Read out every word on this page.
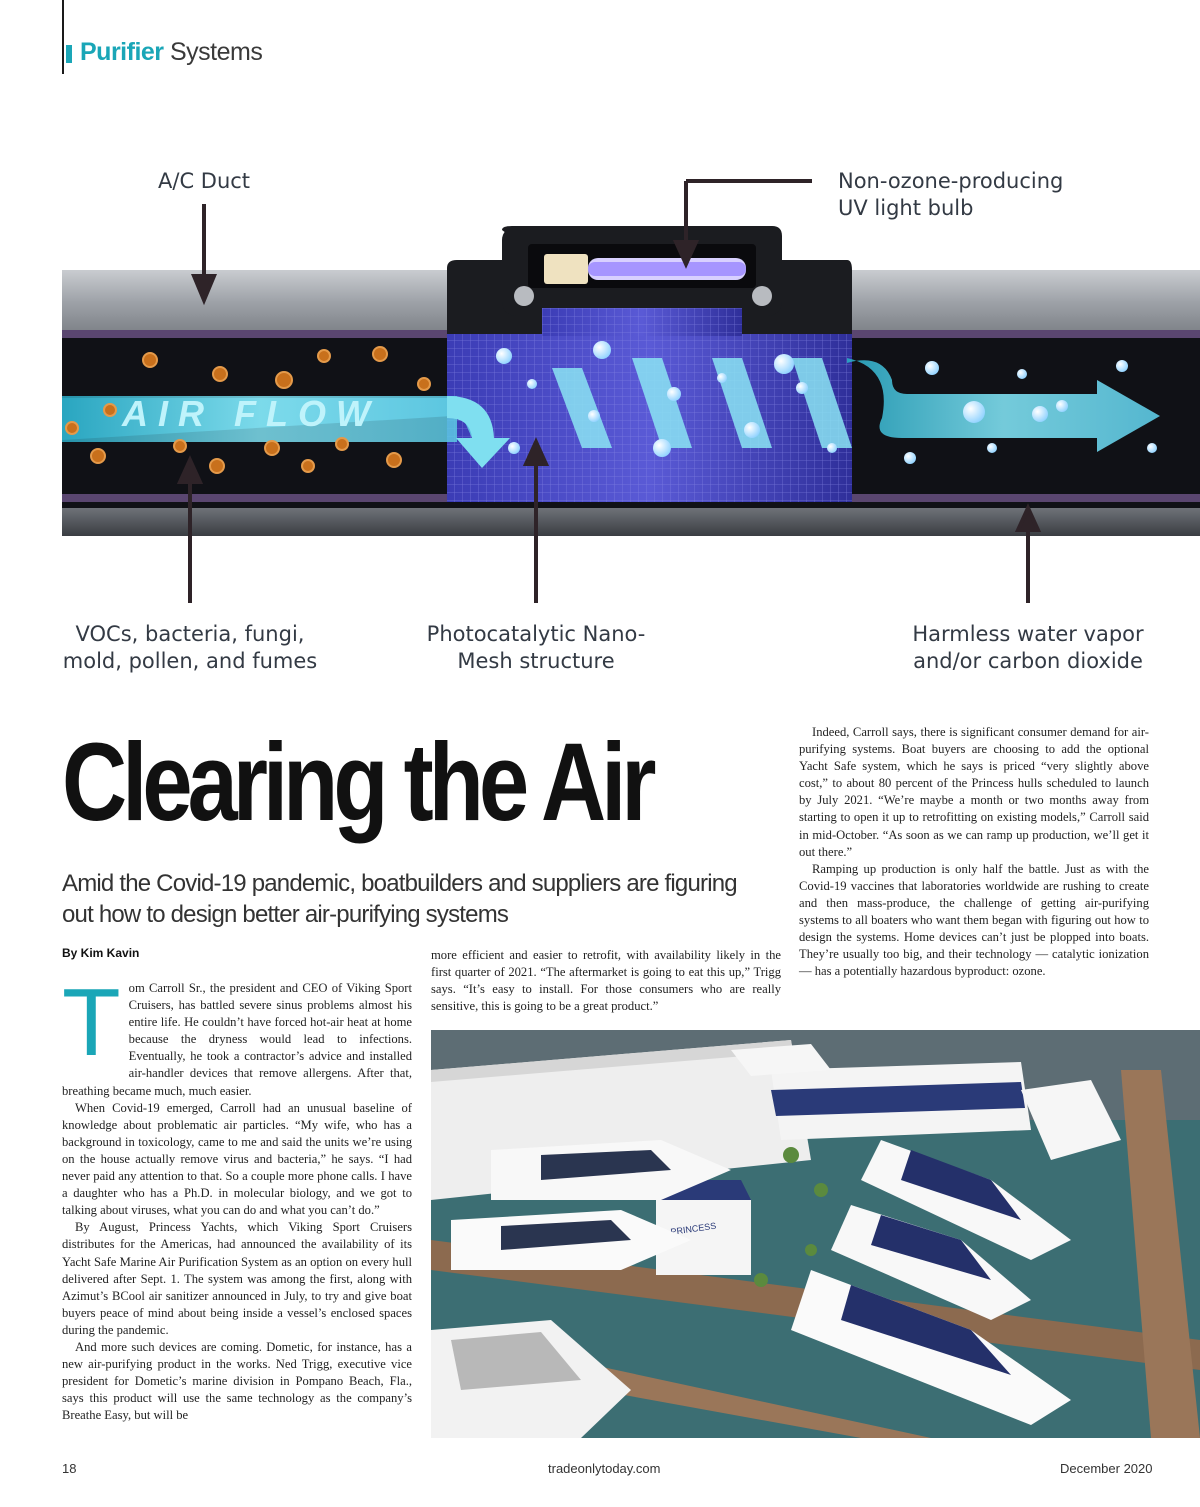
Purifier Systems
AIR FLOW
A/C Duct	Non-ozone-producing
UV light bulb
VOCs, bacteria, fungi,
mold, pollen, and fumes
Photocatalytic Nano-
Mesh structure
Harmless water vapor
and/or carbon dioxide
Clearing the Air
Amid the Covid-19 pandemic, boatbuilders and suppliers are figuring out how to design better air-purifying systems
By Kim Kavin

Tom Carroll Sr., the president and CEO of Viking Sport Cruisers, has battled severe sinus problems almost his entire life. He couldn’t have forced hot-air heat at home because the dryness would lead to infections. Eventually, he took a contractor’s advice and installed air-handler devices that remove allergens. After that, breathing became much, much easier.

When Covid-19 emerged, Carroll had an unusual baseline of knowledge about problematic air particles. “My wife, who has a background in toxicology, came to me and said the units we’re using on the house actually remove virus and bacteria,” he says. “I had never paid any attention to that. So a couple more phone calls. I have a daughter who has a Ph.D. in molecular biology, and we got to talking about viruses, what you can do and what you can’t do.”

By August, Princess Yachts, which Viking Sport Cruisers distributes for the Americas, had announced the availability of its Yacht Safe Marine Air Purification System as an option on every hull delivered after Sept. 1. The system was among the first, along with Azimut’s BCool air sanitizer announced in July, to try and give boat buyers peace of mind about being inside a vessel’s enclosed spaces during the pandemic.

And more such devices are coming. Dometic, for instance, has a new air-purifying product in the works. Ned Trigg, executive vice president for Dometic’s marine division in Pompano Beach, Fla., says this product will use the same technology as the company’s Breathe Easy, but will be

more efficient and easier to retrofit, with availability likely in the first quarter of 2021. “The aftermarket is going to eat this up,” Trigg says. “It’s easy to install. For those consumers who are really sensitive, this is going to be a great product.”

Indeed, Carroll says, there is significant consumer demand for air-purifying systems. Boat buyers are choosing to add the optional Yacht Safe system, which he says is priced “very slightly above cost,” to about 80 percent of the Princess hulls scheduled to launch by July 2021. “We’re maybe a month or two months away from starting to open it up to retrofitting on existing models,” Carroll said in mid-October. “As soon as we can ramp up production, we’ll get it out there.”

Ramping up production is only half the battle. Just as with the Covid-19 vaccines that laboratories worldwide are rushing to create and then mass-produce, the challenge of getting air-purifying systems to all boaters who want them began with figuring out how to design the systems. Home devices can’t just be plopped into boats. They’re usually too big, and their technology — catalytic ionization — has a potentially hazardous byproduct: ozone.

PRINCESS
18	tradeonlytoday.com	December 2020
